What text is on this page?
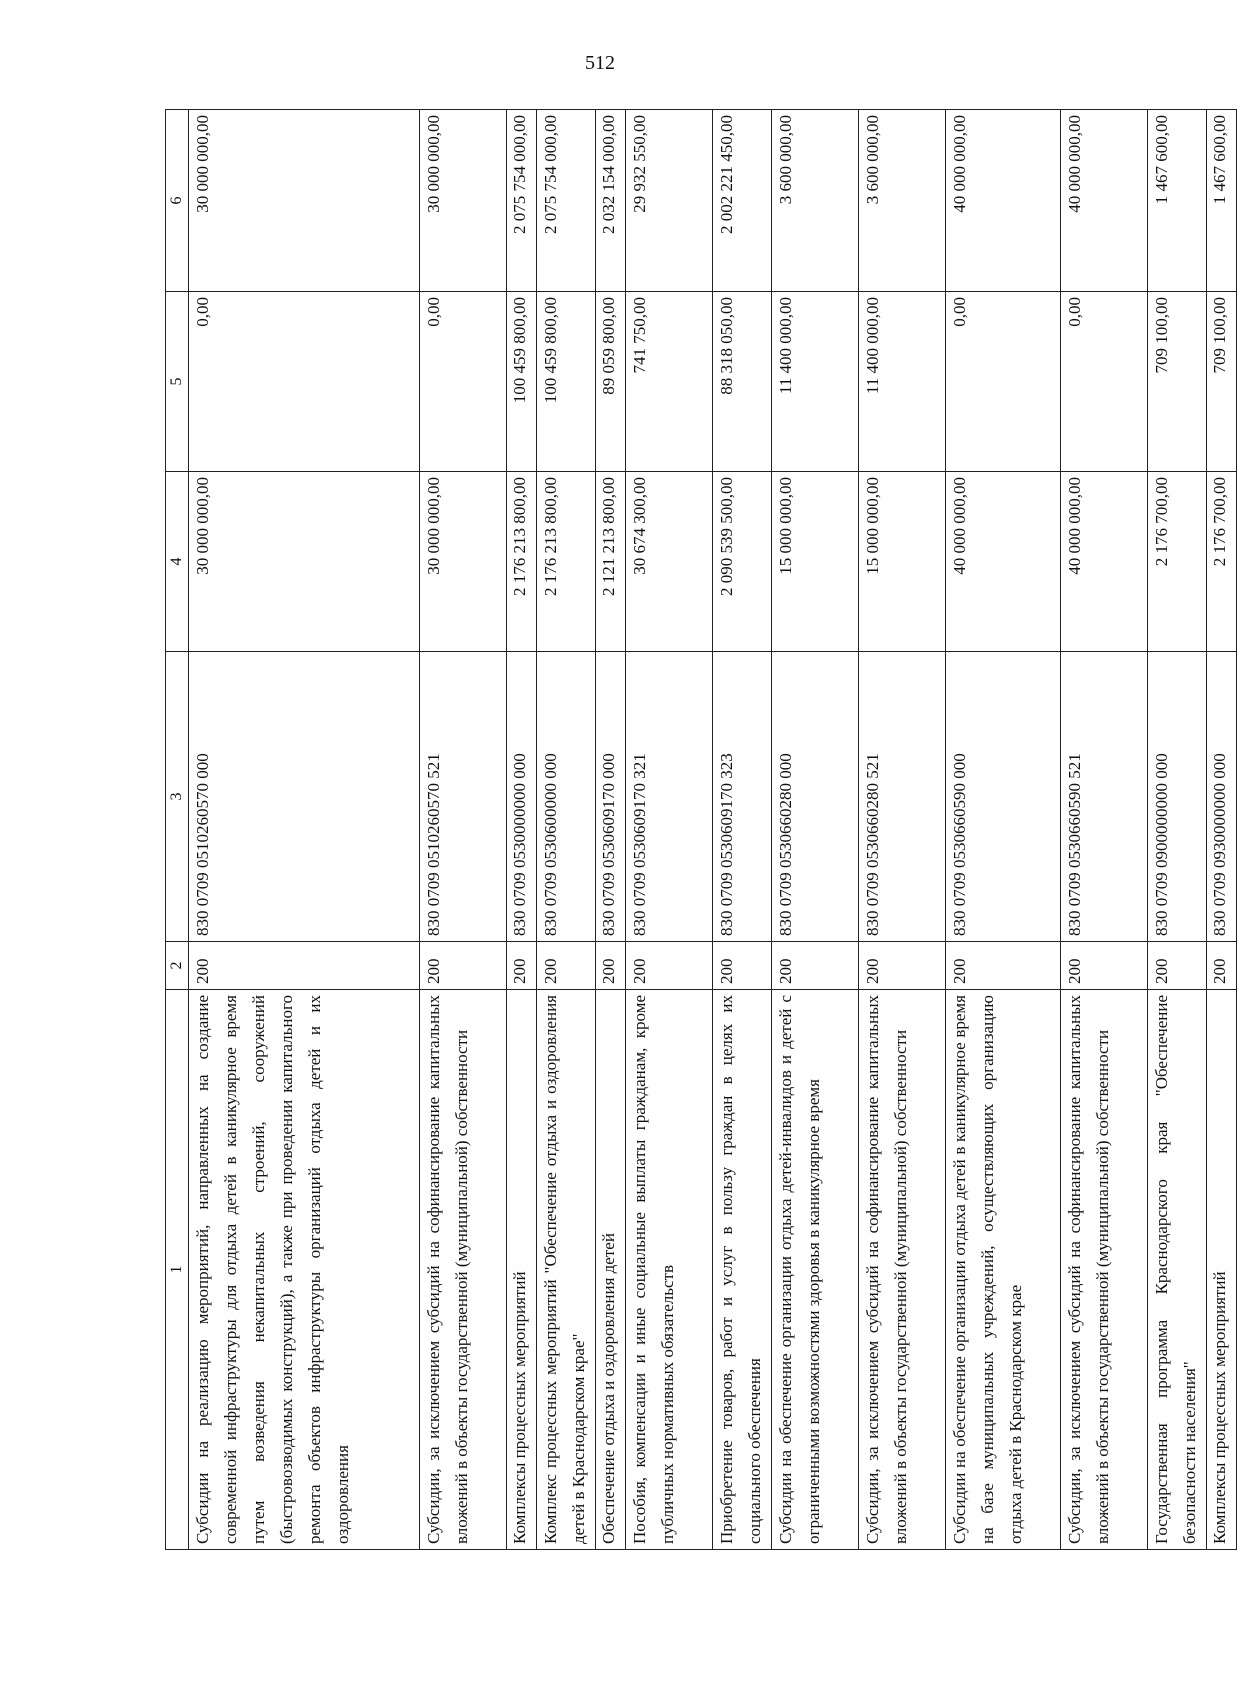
512
1	2	3	4	5	6
Субсидии на реализацию мероприятий, направленных на создание современной инфраструктуры для отдыха детей в каникулярное время путем возведения некапитальных строений, сооружений (быстровозводимых конструкций), а также при проведении капитального ремонта объектов инфраструктуры организаций отдыха детей и их оздоровления	200	830 0709 0510260570 000	30 000 000,00	0,00	30 000 000,00
Субсидии, за исключением субсидий на софинансирование капитальных вложений в объекты государственной (муниципальной) собственности	200	830 0709 0510260570 521	30 000 000,00	0,00	30 000 000,00
Комплексы процессных мероприятий	200	830 0709 0530000000 000	2 176 213 800,00	100 459 800,00	2 075 754 000,00
Комплекс процессных мероприятий "Обеспечение отдыха и оздоровления детей в Краснодарском крае"	200	830 0709 0530600000 000	2 176 213 800,00	100 459 800,00	2 075 754 000,00
Обеспечение отдыха и оздоровления детей	200	830 0709 0530609170 000	2 121 213 800,00	89 059 800,00	2 032 154 000,00
Пособия, компенсации и иные социальные выплаты гражданам, кроме публичных нормативных обязательств	200	830 0709 0530609170 321	30 674 300,00	741 750,00	29 932 550,00
Приобретение товаров, работ и услуг в пользу граждан в целях их социального обеспечения	200	830 0709 0530609170 323	2 090 539 500,00	88 318 050,00	2 002 221 450,00
Субсидии на обеспечение организации отдыха детей-инвалидов и детей с ограниченными возможностями здоровья в каникулярное время	200	830 0709 0530660280 000	15 000 000,00	11 400 000,00	3 600 000,00
Субсидии, за исключением субсидий на софинансирование капитальных вложений в объекты государственной (муниципальной) собственности	200	830 0709 0530660280 521	15 000 000,00	11 400 000,00	3 600 000,00
Субсидии на обеспечение организации отдыха детей в каникулярное время на базе муниципальных учреждений, осуществляющих организацию отдыха детей в Краснодарском крае	200	830 0709 0530660590 000	40 000 000,00	0,00	40 000 000,00
Субсидии, за исключением субсидий на софинансирование капитальных вложений в объекты государственной (муниципальной) собственности	200	830 0709 0530660590 521	40 000 000,00	0,00	40 000 000,00
Государственная программа Краснодарского края "Обеспечение безопасности населения"	200	830 0709 0900000000 000	2 176 700,00	709 100,00	1 467 600,00
Комплексы процессных мероприятий	200	830 0709 0930000000 000	2 176 700,00	709 100,00	1 467 600,00
